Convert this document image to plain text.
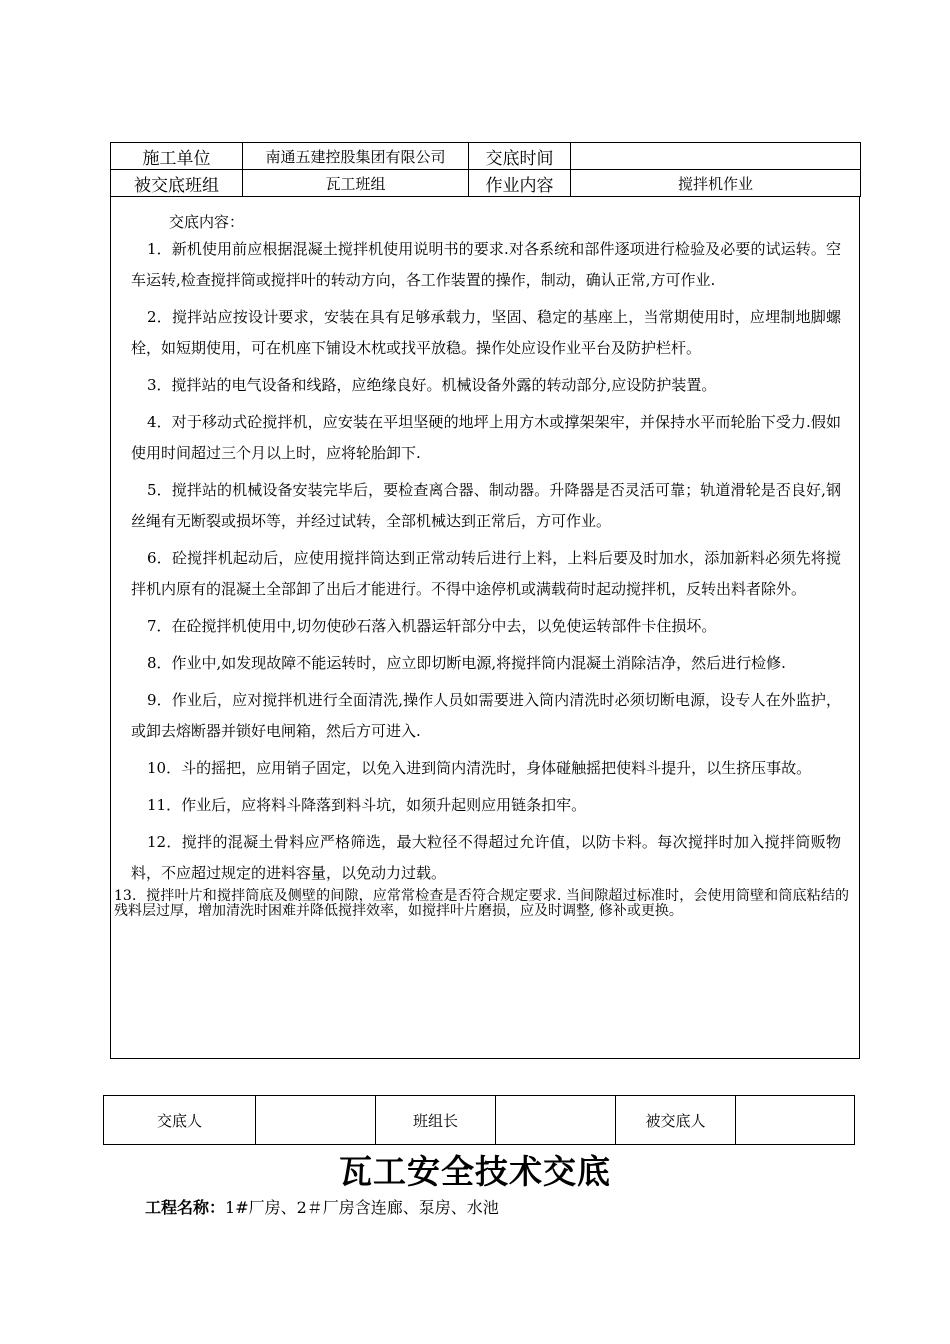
施工单位	南通五建控股集团有限公司	交底时间	
被交底班组	瓦工班组	作业内容	搅拌机作业
交底内容：

1．新机使用前应根据混凝土搅拌机使用说明书的要求.对各系统和部件逐项进行检验及必要的试运转。空车运转,检查搅拌筒或搅拌叶的转动方向，各工作装置的操作，制动，确认正常,方可作业.

2．搅拌站应按设计要求，安装在具有足够承载力，坚固、稳定的基座上，当常期使用时，应埋制地脚螺栓，如短期使用，可在机座下铺设木枕或找平放稳。操作处应设作业平台及防护栏杆。

3．搅拌站的电气设备和线路，应绝缘良好。机械设备外露的转动部分,应设防护装置。

4．对于移动式砼搅拌机，应安装在平坦坚硬的地坪上用方木或撑架架牢，并保持水平而轮胎下受力.假如使用时间超过三个月以上时，应将轮胎卸下.

5．搅拌站的机械设备安装完毕后，要检查离合器、制动器。升降器是否灵活可靠；轨道滑轮是否良好,钢丝绳有无断裂或损坏等，并经过试转，全部机械达到正常后，方可作业。

6．砼搅拌机起动后，应使用搅拌筒达到正常动转后进行上料，上料后要及时加水，添加新料必须先将搅拌机内原有的混凝土全部卸了出后才能进行。不得中途停机或满载荷时起动搅拌机，反转出料者除外。

7．在砼搅拌机使用中,切勿使砂石落入机器运轩部分中去，以免使运转部件卡住损坏。

8．作业中,如发现故障不能运转时，应立即切断电源,将搅拌筒内混凝土消除洁净，然后进行检修.

9．作业后，应对搅拌机进行全面清洗,操作人员如需要进入筒内清洗时必须切断电源，设专人在外监护，或卸去熔断器并锁好电闸箱，然后方可进入.

10．斗的摇把，应用销子固定，以免入进到筒内清洗时，身体碰触摇把使料斗提升，以生挤压事故。

11．作业后，应将料斗降落到料斗坑，如须升起则应用链条扣牢。

12．搅拌的混凝土骨料应严格筛选，最大粒径不得超过允许值，以防卡料。每次搅拌时加入搅拌筒贩物料，不应超过规定的进料容量，以免动力过载。

13．搅拌叶片和搅拌筒底及侧壁的间隙，应常常检查是否符合规定要求. 当间隙超过标准时，会使用筒壁和筒底粘结的残料层过厚，增加清洗时困难并降低搅拌效率，如搅拌叶片磨损，应及时调整, 修补或更换。

交底人		班组长		被交底人	
瓦工安全技术交底
工程名称：1#厂房、2＃厂房含连廊、泵房、水池
